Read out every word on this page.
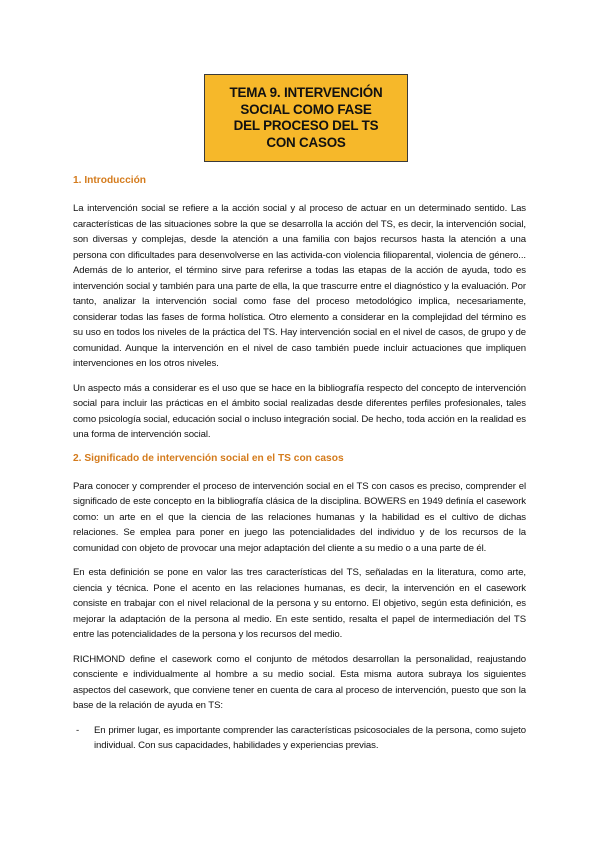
TEMA 9. INTERVENCIÓN
SOCIAL COMO FASE
DEL PROCESO DEL TS
CON CASOS
1. Introducción

La intervención social se refiere a la acción social y al proceso de actuar en un determinado sentido. Las características de las situaciones sobre la que se desarrolla la acción del TS, es decir, la intervención social, son diversas y complejas, desde la atención a una familia con bajos recursos hasta la atención a una persona con dificultades para desenvolverse en las activida-con violencia filioparental, violencia de género... Además de lo anterior, el término sirve para referirse a todas las etapas de la acción de ayuda, todo es intervención social y también para una parte de ella, la que trascurre entre el diagnóstico y la evaluación. Por tanto, analizar la intervención social como fase del proceso metodológico implica, necesariamente, considerar todas las fases de forma holística. Otro elemento a considerar en la complejidad del término es su uso en todos los niveles de la práctica del TS. Hay intervención social en el nivel de casos, de grupo y de comunidad. Aunque la intervención en el nivel de caso también puede incluir actuaciones que impliquen intervenciones en los otros niveles.

Un aspecto más a considerar es el uso que se hace en la bibliografía respecto del concepto de intervención social para incluir las prácticas en el ámbito social realizadas desde diferentes perfiles profesionales, tales como psicología social, educación social o incluso integración social. De hecho, toda acción en la realidad es una forma de intervención social.

2. Significado de intervención social en el TS con casos

Para conocer y comprender el proceso de intervención social en el TS con casos es preciso, comprender el significado de este concepto en la bibliografía clásica de la disciplina. BOWERS en 1949 definía el casework como: un arte en el que la ciencia de las relaciones humanas y la habilidad es el cultivo de dichas relaciones. Se emplea para poner en juego las potencialidades del individuo y de los recursos de la comunidad con objeto de provocar una mejor adaptación del cliente a su medio o a una parte de él.

En esta definición se pone en valor las tres características del TS, señaladas en la literatura, como arte, ciencia y técnica. Pone el acento en las relaciones humanas, es decir, la intervención en el casework consiste en trabajar con el nivel relacional de la persona y su entorno. El objetivo, según esta definición, es mejorar la adaptación de la persona al medio. En este sentido, resalta el papel de intermediación del TS entre las potencialidades de la persona y los recursos del medio.

RICHMOND define el casework como el conjunto de métodos desarrollan la personalidad, reajustando consciente e individualmente al hombre a su medio social. Esta misma autora subraya los siguientes aspectos del casework, que conviene tener en cuenta de cara al proceso de intervención, puesto que son la base de la relación de ayuda en TS:

- En primer lugar, es importante comprender las características psicosociales de la persona, como sujeto individual. Con sus capacidades, habilidades y experiencias previas.
